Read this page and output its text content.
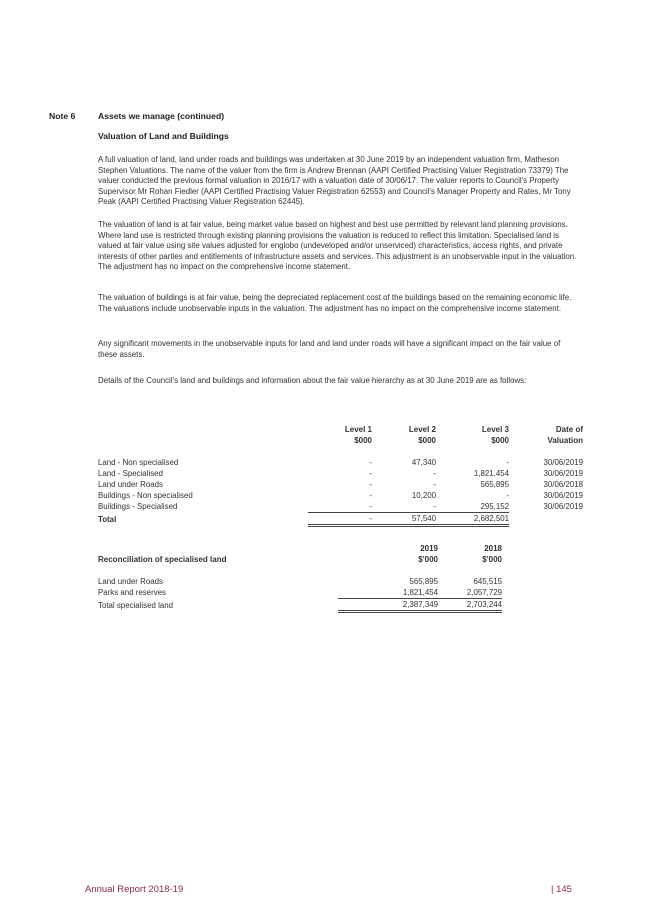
Note 6	Assets we manage (continued)
Valuation of Land and Buildings

A full valuation of land, land under roads and buildings was undertaken at 30 June 2019 by an independent valuation firm, Matheson Stephen Valuations. The name of the valuer from the firm is Andrew Brennan (AAPI Certified Practising Valuer Registration 73379) The valuer conducted the previous formal valuation in 2016/17 with a valuation date of 30/06/17. The valuer reports to Council's Property Supervisor Mr Rohan Fiedler (AAPI Certified Practising Valuer Registration 62553) and Council's Manager Property and Rates, Mr Tony Peak (AAPI Certified Practising Valuer Registration 62445).

The valuation of land is at fair value, being market value based on highest and best use permitted by relevant land planning provisions. Where land use is restricted through existing planning provisions the valuation is reduced to reflect this limitation. Specialised land is valued at fair value using site values adjusted for englobo (undeveloped and/or unserviced) characteristics, access rights, and private interests of other parties and entitlements of infrastructure assets and services. This adjustment is an unobservable input in the valuation. The adjustment has no impact on the comprehensive income statement.

The valuation of buildings is at fair value, being the depreciated replacement cost of the buildings based on the remaining economic life. The valuations include unobservable inputs in the valuation. The adjustment has no impact on the comprehensive income statement.

Any significant movements in the unobservable inputs for land and land under roads will have a significant impact on the fair value of these assets.

Details of the Council's land and buildings and information about the fair value hierarchy as at 30 June 2019 are as follows:

	Level 1	Level 2	Level 3	Date of
	$000	$000	$000	Valuation

Land - Non specialised	-	47,340	-	30/06/2019
Land - Specialised	-	-	1,821,454	30/06/2019
Land under Roads	-	-	565,895	30/06/2018
Buildings - Non specialised	-	10,200	-	30/06/2019
Buildings - Specialised	-	-	295,152	30/06/2019
Total	-	57,540	2,682,501	
	2019	2018
Reconciliation of specialised land	$'000	$'000

Land under Roads	565,895	645,515
Parks and reserves	1,821,454	2,057,729
Total specialised land	2,387,349	2,703,244
Annual Report 2018-19	| 145
